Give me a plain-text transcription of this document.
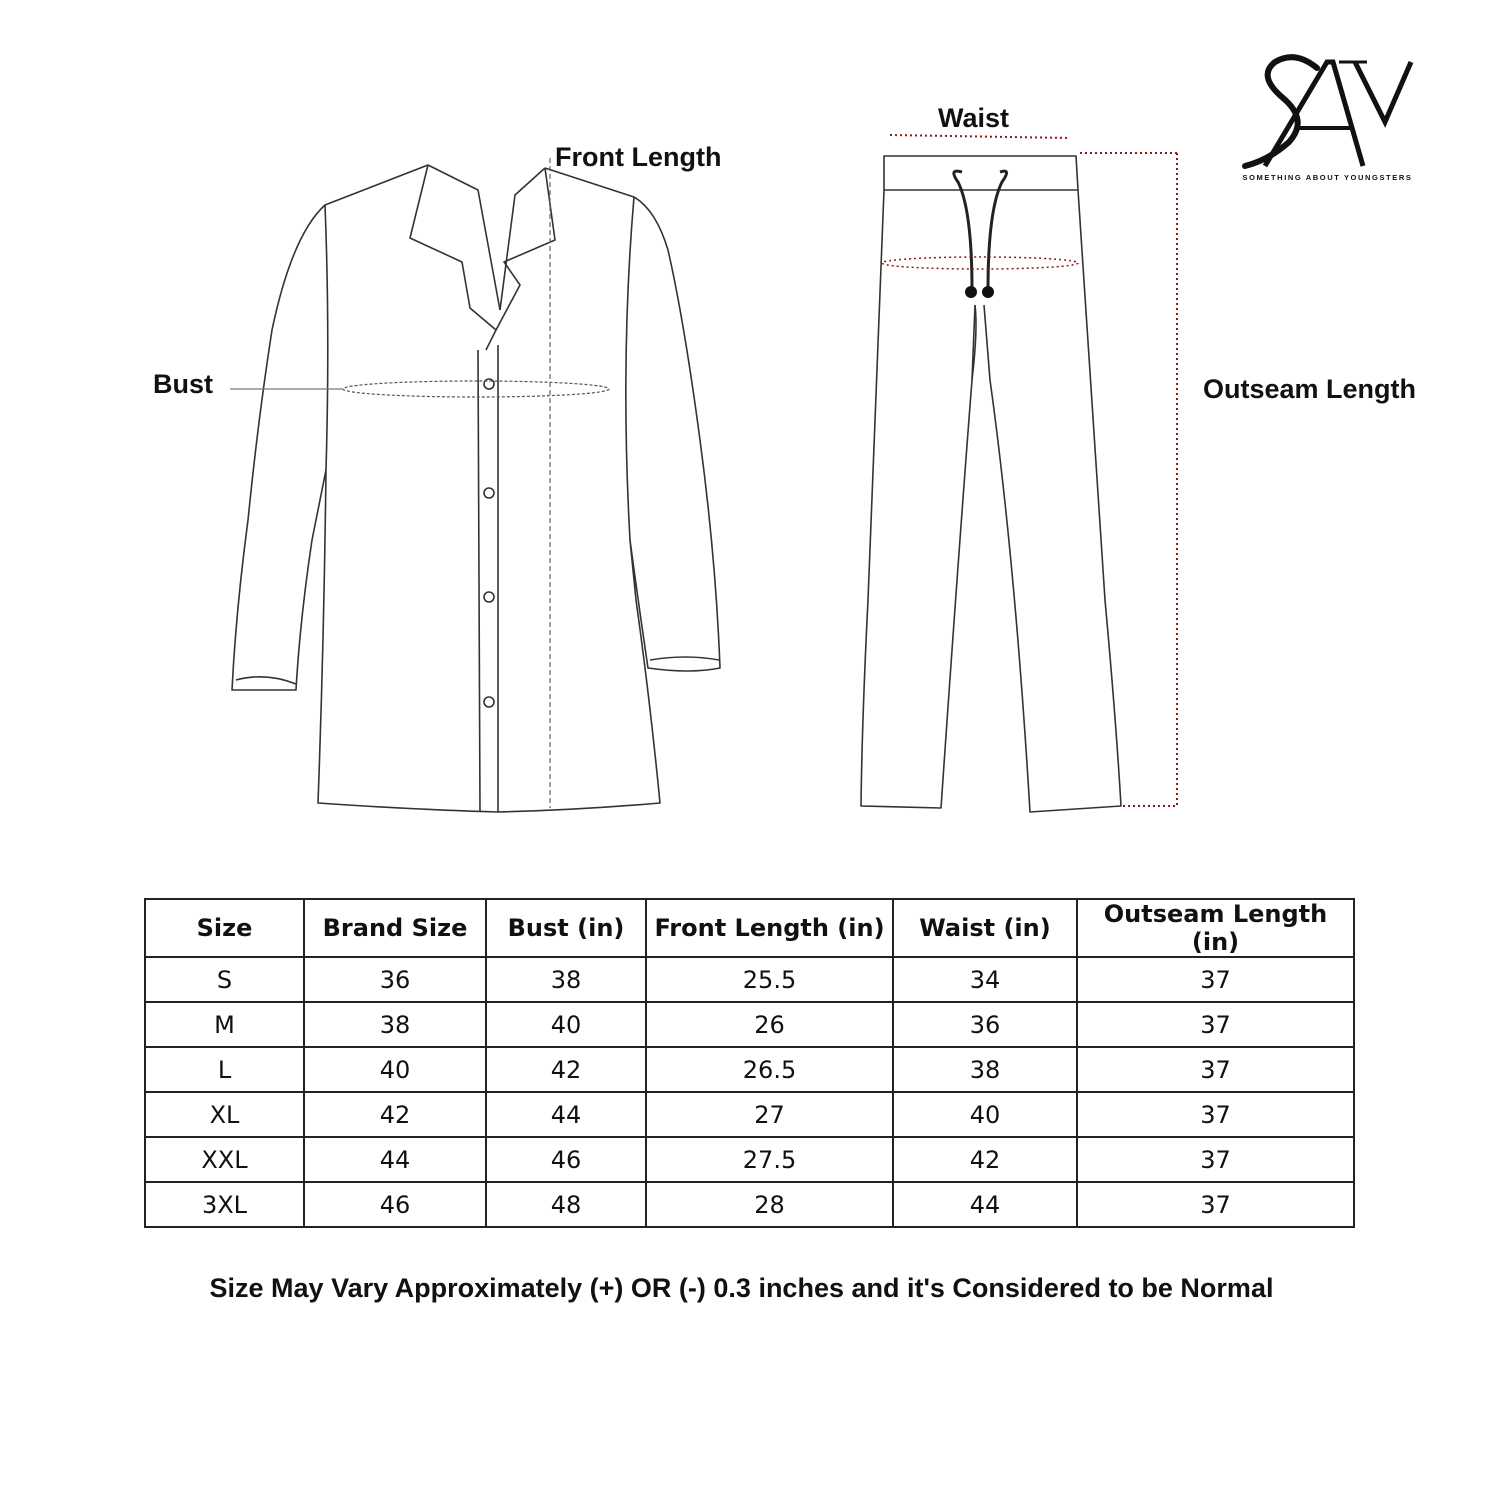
Front Length
Waist
Bust	Outseam Length
SOMETHING ABOUT YOUNGSTERS
Size	Brand Size	Bust (in)	Front Length (in)	Waist (in)	Outseam Length (in)
S	36	38	25.5	34	37
M	38	40	26	36	37
L	40	42	26.5	38	37
XL	42	44	27	40	37
XXL	44	46	27.5	42	37
3XL	46	48	28	44	37
Size May Vary Approximately (+) OR (-) 0.3 inches and it's Considered to be Normal
